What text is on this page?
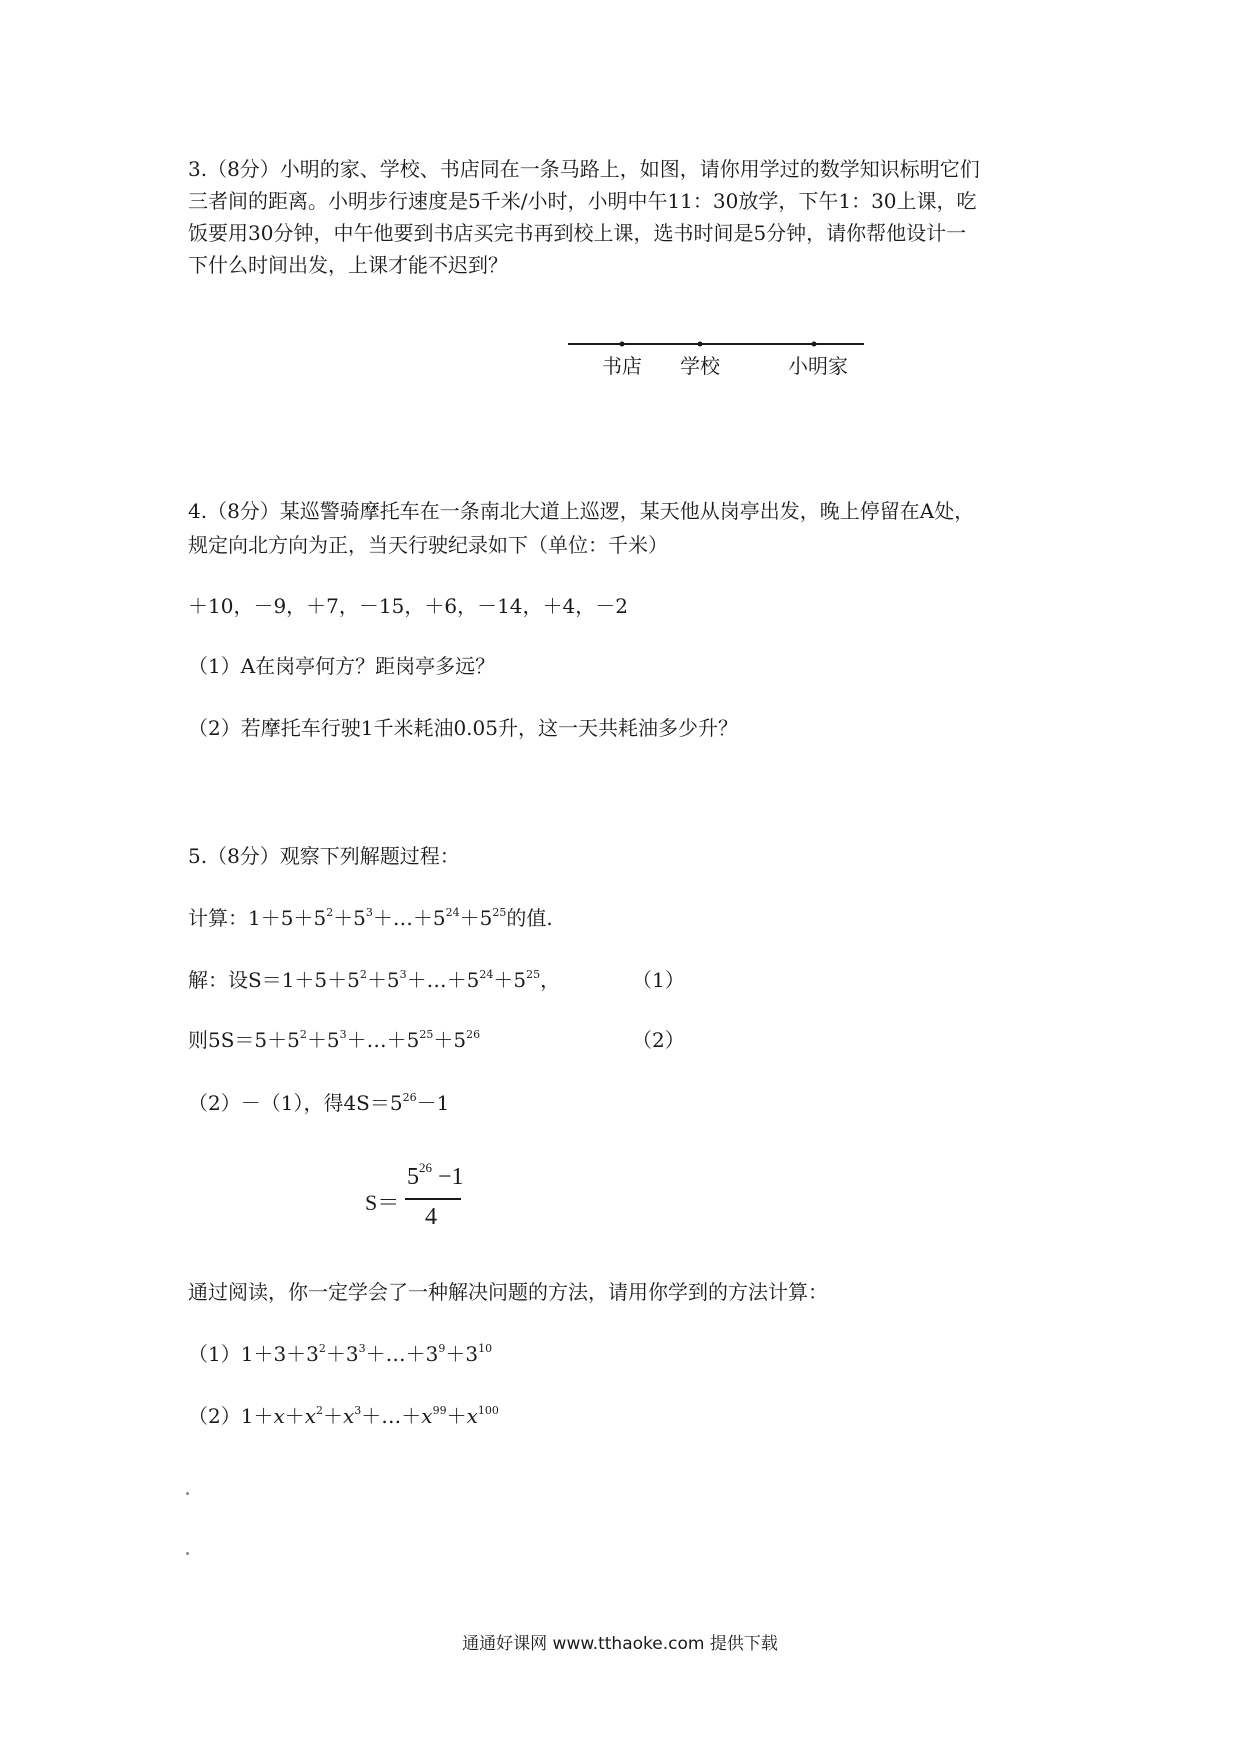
3.（8分）小明的家、学校、书店同在一条马路上，如图，请你用学过的数学知识标明它们
三者间的距离。小明步行速度是5千米/小时，小明中午11：30放学，下午1：30上课，吃
饭要用30分钟，中午他要到书店买完书再到校上课，选书时间是5分钟，请你帮他设计一
下什么时间出发，上课才能不迟到？
书店 学校	小明家
4.（8分）某巡警骑摩托车在一条南北大道上巡逻，某天他从岗亭出发，晚上停留在A处，
规定向北方向为正，当天行驶纪录如下（单位：千米）
＋10，－9，＋7，－15，＋6，－14，＋4，－2
（1）A在岗亭何方？距岗亭多远？
（2）若摩托车行驶1千米耗油0.05升，这一天共耗油多少升？
5.（8分）观察下列解题过程：
计算：$1+5+5^2+5^3+\dots+5^{24}+5^{25}$的值.
解：设$S=1+5+5^2+5^3+\dots+5^{24}+5^{25}$，	（1）
则$5S=5+5^2+5^3+\dots+5^{25}+5^{26}$	（2）
（2）－（1），得$4S=5^{26}-1$
S＝
$5^{26} -1$
4
通过阅读，你一定学会了一种解决问题的方法，请用你学到的方法计算：
$(1)1+3+3^2+3^3+\dots+3^9+3^{10}$
$(2)1+x+x^2+x^3+\dots+x^{99}+x^{100}$
通通好课网 www.tthaoke.com 提供下载
